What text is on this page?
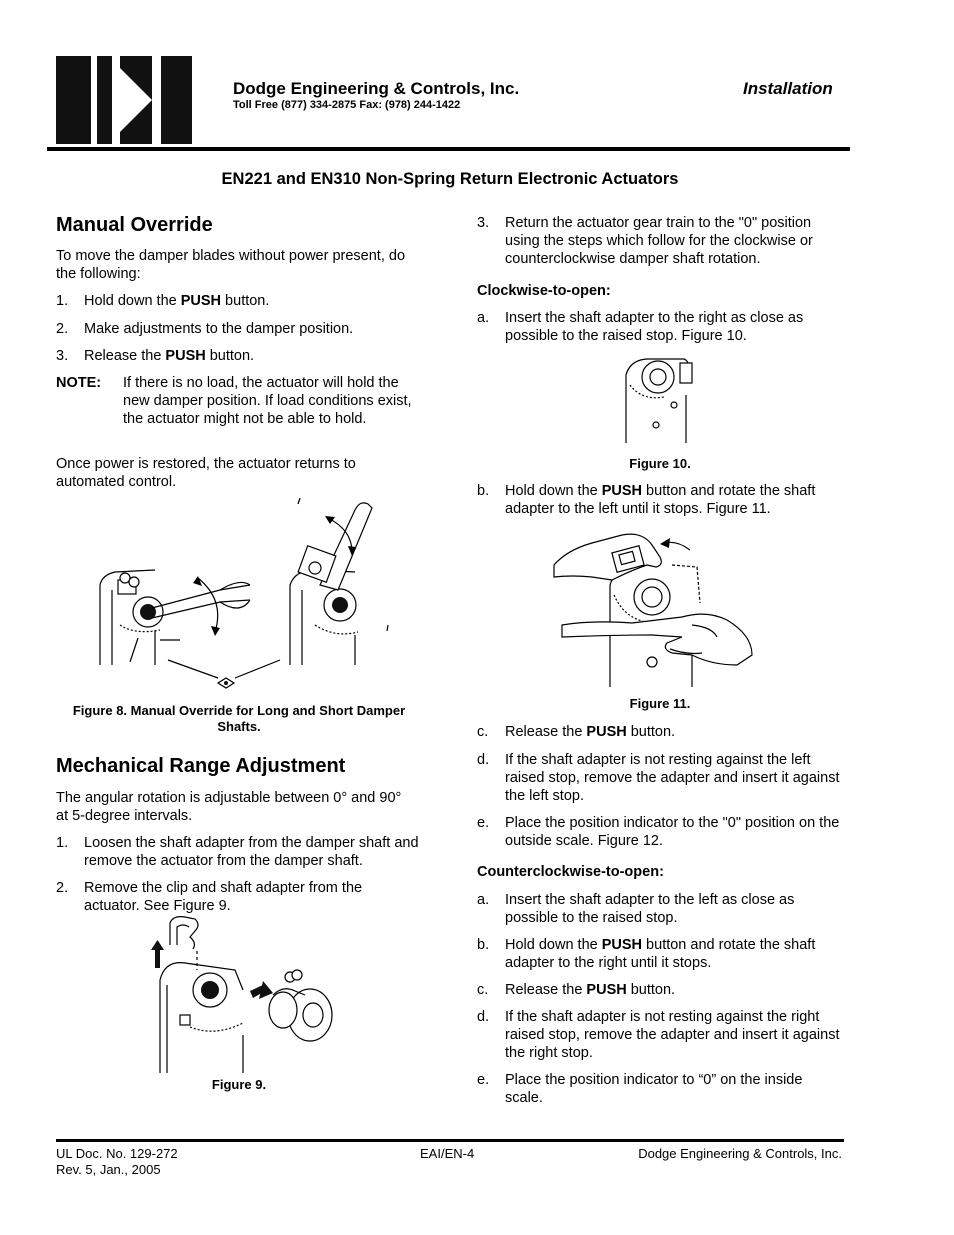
Dodge Engineering & Controls, Inc.
Toll Free (877) 334-2875 Fax: (978) 244-1422
Installation
EN221 and EN310 Non-Spring Return Electronic Actuators
Manual Override

To move the damper blades without power present, do the following:

1. Hold down the PUSH button.
2. Make adjustments to the damper position.
3. Release the PUSH button.
NOTE: If there is no load, the actuator will hold the new damper position. If load conditions exist, the actuator might not be able to hold.

Once power is restored, the actuator returns to automated control.

Figure 8. Manual Override for Long and Short Damper Shafts.

Mechanical Range Adjustment

The angular rotation is adjustable between 0° and 90° at 5-degree intervals.

1. Loosen the shaft adapter from the damper shaft and remove the actuator from the damper shaft.

2. Remove the clip and shaft adapter from the actuator. See Figure 9.

Figure 9.

3. Return the actuator gear train to the "0" position using the steps which follow for the clockwise or counterclockwise damper shaft rotation.

Clockwise-to-open:
a. Insert the shaft adapter to the right as close as possible to the raised stop. Figure 10.

Figure 10.

b. Hold down the PUSH button and rotate the shaft adapter to the left until it stops. Figure 11.

Figure 11.

c. Release the PUSH button.

d. If the shaft adapter is not resting against the left raised stop, remove the adapter and insert it against the left stop.

e. Place the position indicator to the "0" position on the outside scale. Figure 12.

Counterclockwise-to-open:
a. Insert the shaft adapter to the left as close as possible to the raised stop.

b. Hold down the PUSH button and rotate the shaft adapter to the right until it stops.

c. Release the PUSH button.

d. If the shaft adapter is not resting against the right raised stop, remove the adapter and insert it against the right stop.

e. Place the position indicator to “0” on the inside scale.

UL Doc. No. 129-272
Rev. 5, Jan., 2005
EAI/EN-4	Dodge Engineering & Controls, Inc.
